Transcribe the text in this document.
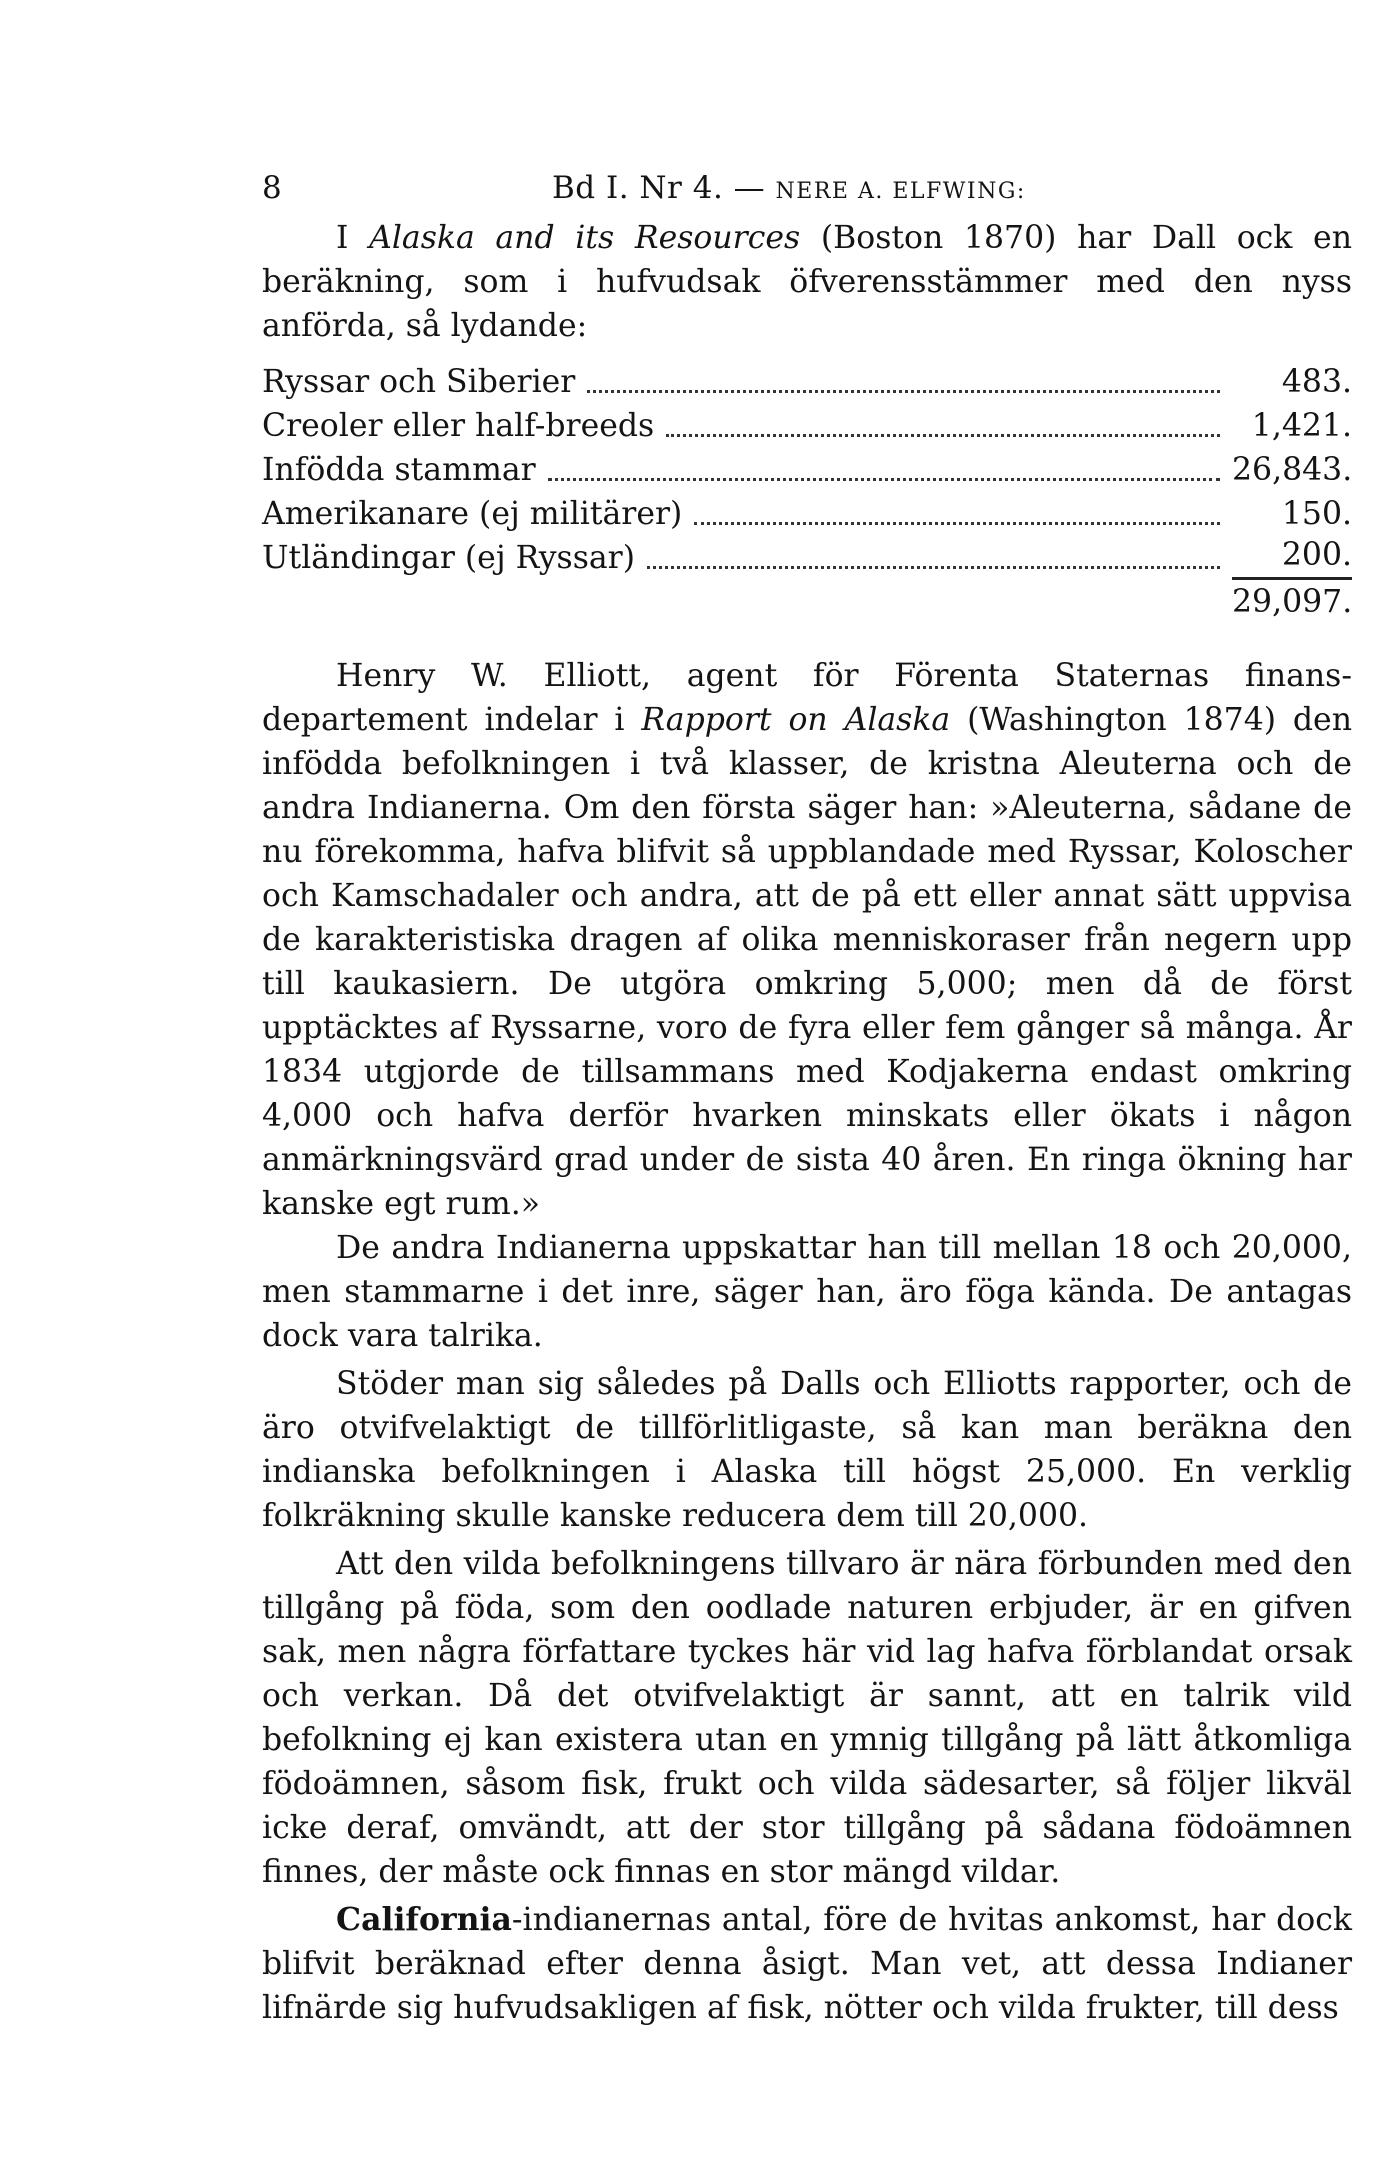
8	Bd I. Nr 4. — NERE A. ELFWING:

I Alaska and its Resources (Boston 1870) har Dall ock en beräkning, som i hufvudsak öfverensstämmer med den nyss anförda, så lydande:

Ryssar och Siberier	483.
Creoler eller half-breeds	1,421.
Infödda stammar	26,843.
Amerikanare (ej militärer)	150.
Utländingar (ej Ryssar)	200.
29,097.

Henry W. Elliott, agent för Förenta Staternas finans-departement indelar i Rapport on Alaska (Washington 1874) den infödda befolkningen i två klasser, de kristna Aleuterna och de andra Indianerna. Om den första säger han: »Aleuterna, sådane de nu förekomma, hafva blifvit så uppblandade med Ryssar, Koloscher och Kamschadaler och andra, att de på ett eller annat sätt uppvisa de karakteristiska dragen af olika menniskoraser från negern upp till kaukasiern. De utgöra omkring 5,000; men då de först upptäcktes af Ryssarne, voro de fyra eller fem gånger så många. År 1834 utgjorde de tillsammans med Kodjakerna endast omkring 4,000 och hafva derför hvarken minskats eller ökats i någon anmärkningsvärd grad under de sista 40 åren. En ringa ökning har kanske egt rum.»

De andra Indianerna uppskattar han till mellan 18 och 20,000, men stammarne i det inre, säger han, äro föga kända. De antagas dock vara talrika.

Stöder man sig således på Dalls och Elliotts rapporter, och de äro otvifvelaktigt de tillförlitligaste, så kan man beräkna den indianska befolkningen i Alaska till högst 25,000. En verklig folkräkning skulle kanske reducera dem till 20,000.

Att den vilda befolkningens tillvaro är nära förbunden med den tillgång på föda, som den oodlade naturen erbjuder, är en gifven sak, men några författare tyckes här vid lag hafva förblandat orsak och verkan. Då det otvifvelaktigt är sannt, att en talrik vild befolkning ej kan existera utan en ymnig tillgång på lätt åtkomliga födoämnen, såsom fisk, frukt och vilda sädesarter, så följer likväl icke deraf, omvändt, att der stor tillgång på sådana födoämnen finnes, der måste ock finnas en stor mängd vildar.

California-indianernas antal, före de hvitas ankomst, har dock blifvit beräknad efter denna åsigt. Man vet, att dessa Indianer lifnärde sig hufvudsakligen af fisk, nötter och vilda frukter, till dess
